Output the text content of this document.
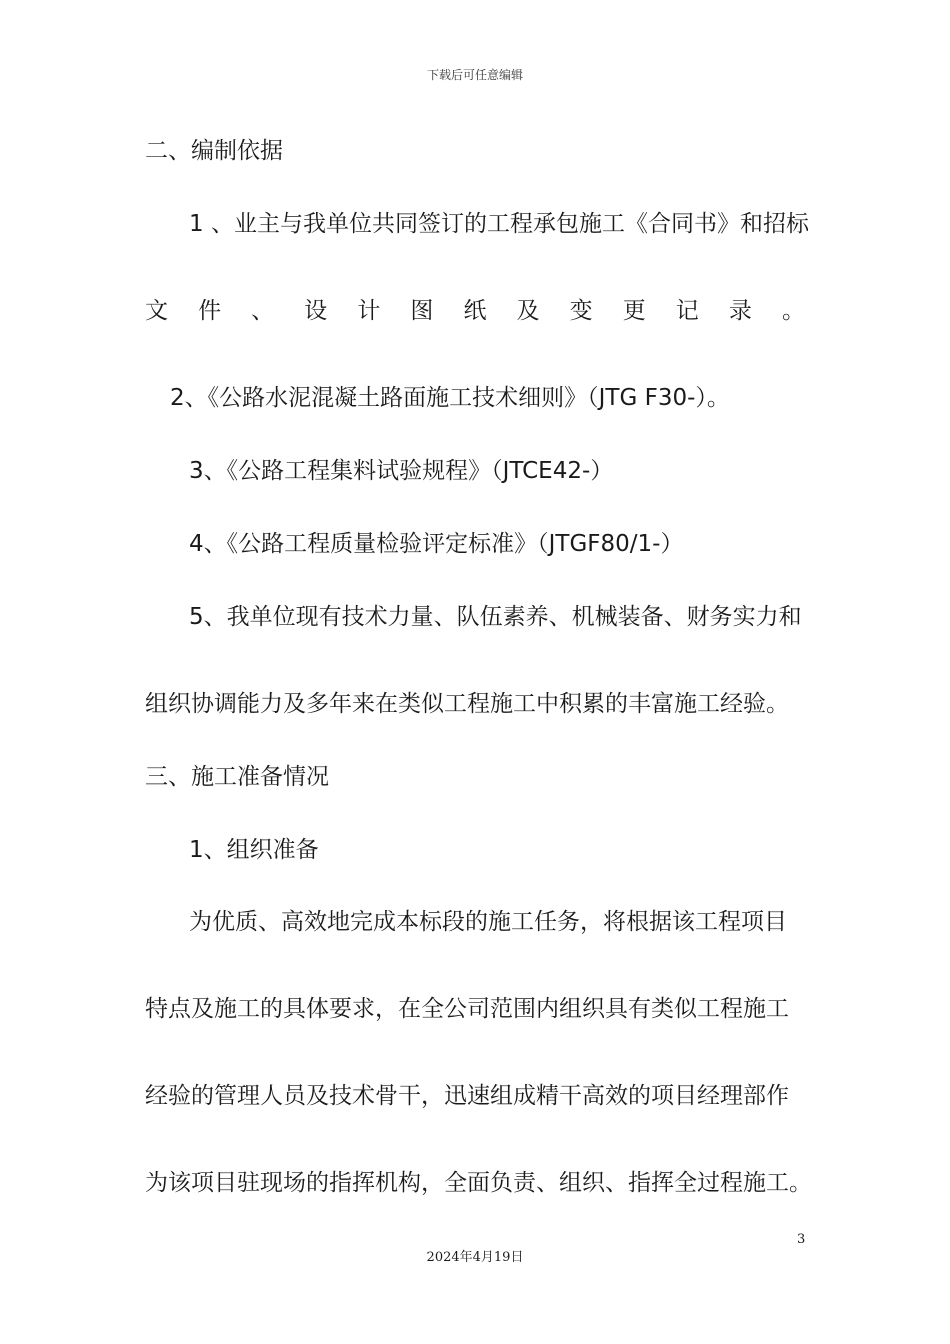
下载后可任意编辑
二、编制依据
1 、业主与我单位共同签订的工程承包施工《合同书》和招标
文 件 、 设 计 图 纸 及 变 更 记 录 。
2、《公路水泥混凝土路面施工技术细则》（JTG F30-）。
3、《公路工程集料试验规程》（JTCE42-）
4、《公路工程质量检验评定标准》（JTGF80/1-）
5、我单位现有技术力量、队伍素养、机械装备、财务实力和
组织协调能力及多年来在类似工程施工中积累的丰富施工经验。
三、施工准备情况
1、组织准备
为优质、高效地完成本标段的施工任务，将根据该工程项目
特点及施工的具体要求，在全公司范围内组织具有类似工程施工
经验的管理人员及技术骨干，迅速组成精干高效的项目经理部作
为该项目驻现场的指挥机构，全面负责、组织、指挥全过程施工。
3
2024年4月19日
